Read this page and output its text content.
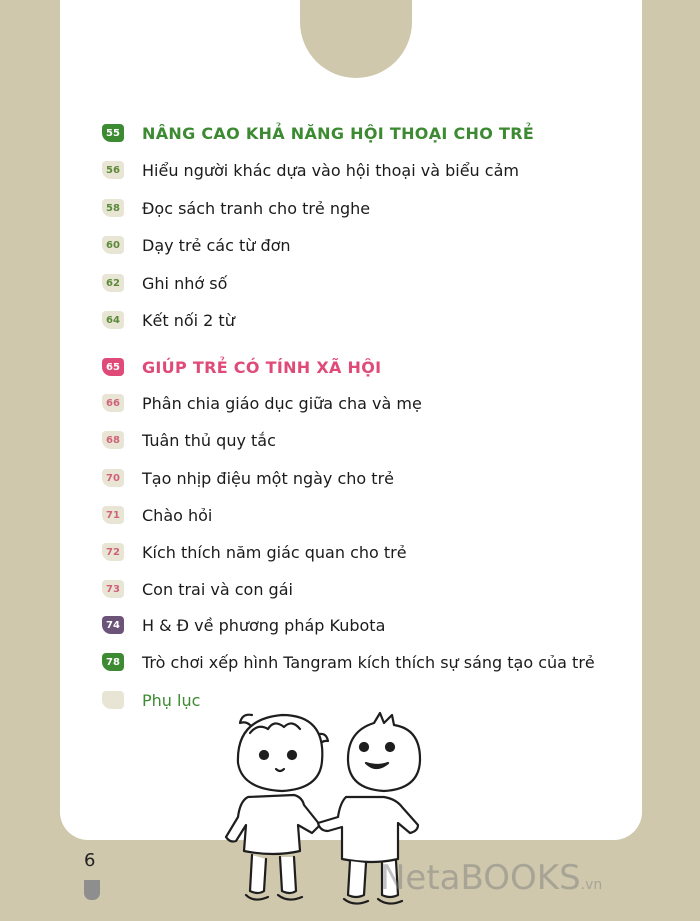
55 NÂNG CAO KHẢ NĂNG HỘI THOẠI CHO TRẺ
56 Hiểu người khác dựa vào hội thoại và biểu cảm
58 Đọc sách tranh cho trẻ nghe
60 Dạy trẻ các từ đơn
62 Ghi nhớ số
64 Kết nối 2 từ
65 GIÚP TRẺ CÓ TÍNH XÃ HỘI
66 Phân chia giáo dục giữa cha và mẹ
68 Tuân thủ quy tắc
70 Tạo nhịp điệu một ngày cho trẻ
71 Chào hỏi
72 Kích thích năm giác quan cho trẻ
73 Con trai và con gái
74 H & Đ về phương pháp Kubota
78 Trò chơi xếp hình Tangram kích thích sự sáng tạo của trẻ
Phụ lục
6	NetaBOOKS.vn
